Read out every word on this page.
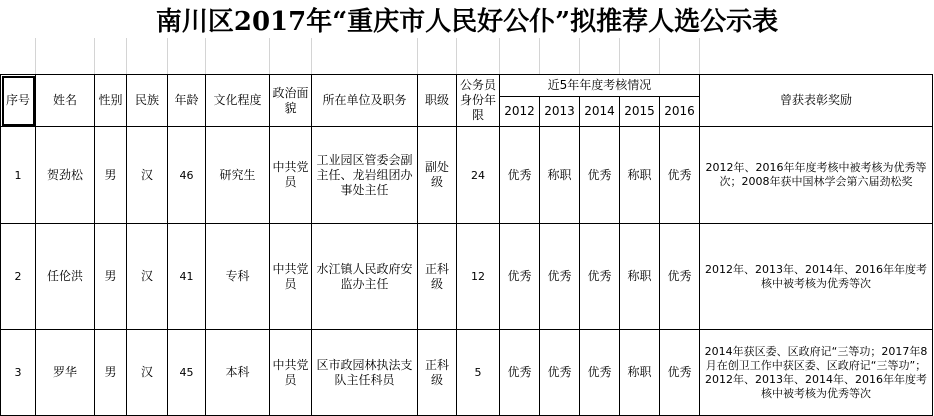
南川区2017年“重庆市人民好公仆”拟推荐人选公示表
序号	姓名	性别	民族	年龄	文化程度	政治面貌	所在单位及职务	职级	公务员身份年限	近5年年度考核情况					曾获表彰奖励
										2012	2013	2014	2015	2016	
1	贺劲松	男	汉	46	研究生	中共党员	工业园区管委会副主任、龙岩组团办事处主任	副处级	24	优秀	称职	优秀	称职	优秀	2012年、2016年年度考核中被考核为优秀等次；2008年获中国林学会第六届劲松奖
2	任伦洪	男	汉	41	专科	中共党员	水江镇人民政府安监办主任	正科级	12	优秀	优秀	优秀	称职	优秀	2012年、2013年、2014年、2016年年度考核中被考核为优秀等次
3	罗华	男	汉	45	本科	中共党员	区市政园林执法支队主任科员	正科级	5	优秀	优秀	优秀	称职	优秀	2014年获区委、区政府记“三等功；2017年8月在创卫工作中获区委、区政府记“三等功”；2012年、2013年、2014年、2016年年度考核中被考核为优秀等次
